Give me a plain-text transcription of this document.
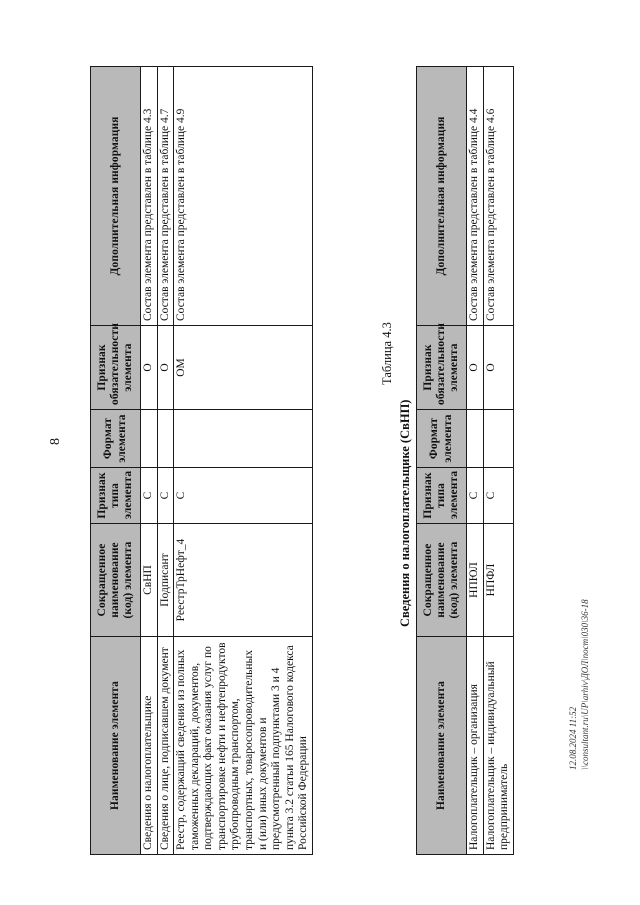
8
Наименование элемента	Сокращенное наименование (код) элемента	Признак типа элемента	Формат элемента	Признак обязательности элемента	Дополнительная информация
Сведения о налогоплательщике	СвНП	С		О	Состав элемента представлен в таблице 4.3
Сведения о лице, подписавшем документ	Подписант	С		О	Состав элемента представлен в таблице 4.7
Реестр, содержащий сведения из полных таможенных деклараций, документов, подтверждающих факт оказания услуг по транспортировке нефти и нефтепродуктов трубопроводным транспортом, транспортных, товаросопроводительных и (или) иных документов и предусмотренный подпунктами 3 и 4 пункта 3.2 статьи 165 Налогового кодекса Российской Федерации	РеестрТрНефт_4	С		ОМ	Состав элемента представлен в таблице 4.9
Таблица 4.3
Сведения о налогоплательщике (СвНП)
Наименование элемента	Сокращенное наименование (код) элемента	Признак типа элемента	Формат элемента	Признак обязательности элемента	Дополнительная информация
Налогоплательщик – организация	НПЮЛ	С		О	Состав элемента представлен в таблице 4.4
Налогоплательщик – индивидуальный предприниматель	НПФЛ	С		О	Состав элемента представлен в таблице 4.6
12.08.2024 11:52 \\consultant.ru\UP\arhiv\ДОЛ\пост\030\36-18
